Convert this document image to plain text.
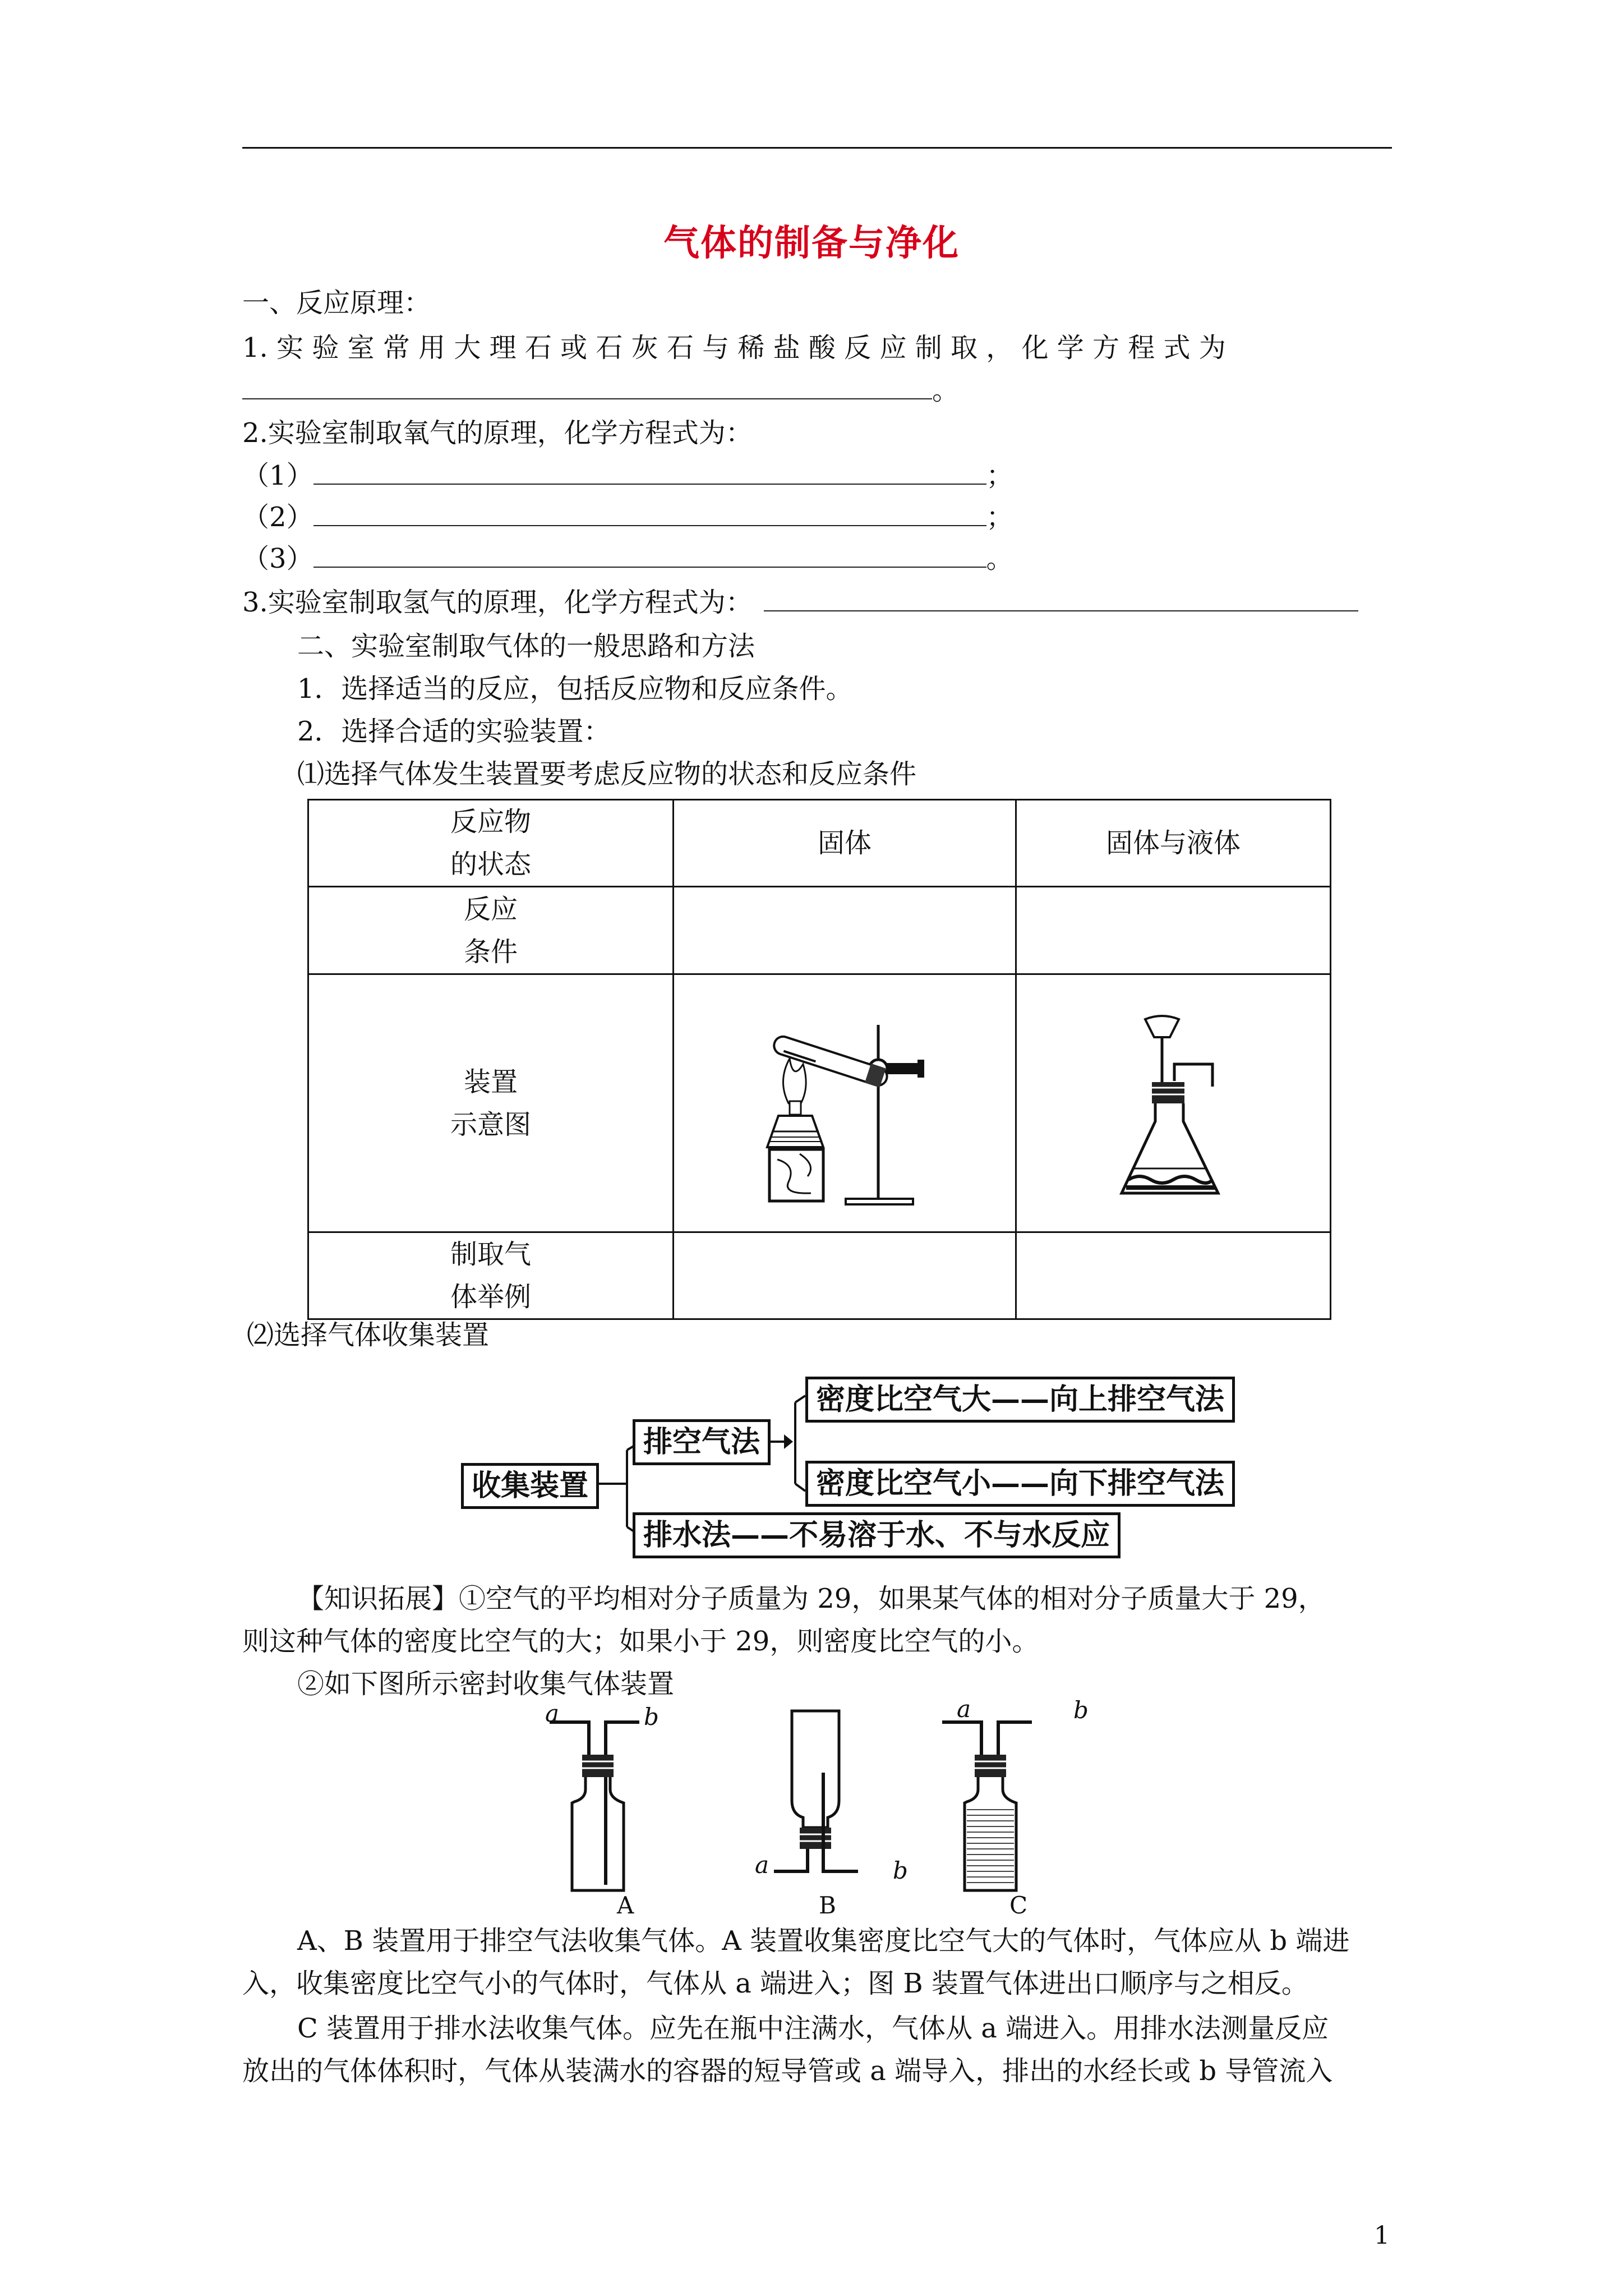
气体的制备与净化
一、反应原理：
1. 实 验 室 常 用 大 理 石 或 石 灰 石 与 稀 盐 酸 反 应 制 取 ， 化 学 方 程 式 为
。
2.实验室制取氧气的原理，化学方程式为：
（1）	；
（2）	；
（3）	。
3.实验室制取氢气的原理，化学方程式为：
二、实验室制取气体的一般思路和方法
1．选择适当的反应，包括反应物和反应条件。
2．选择合适的实验装置：
⑴选择气体发生装置要考虑反应物的状态和反应条件
反应物
的状态	固体	固体与液体

反应
条件		

装置
示意图

制取气
体举例		

⑵选择气体收集装置
收集装置
排空气法
密度比空气大——向上排空气法
密度比空气小——向下排空气法
排水法——不易溶于水、不与水反应
【知识拓展】①空气的平均相对分子质量为 29，如果某气体的相对分子质量大于 29，
则这种气体的密度比空气的大；如果小于 29，则密度比空气的小。
②如下图所示密封收集气体装置
a	b
A
a	b
B
a	b
C
A、B 装置用于排空气法收集气体。A 装置收集密度比空气大的气体时，气体应从 b 端进
入，收集密度比空气小的气体时，气体从 a 端进入；图 B 装置气体进出口顺序与之相反。
C 装置用于排水法收集气体。应先在瓶中注满水，气体从 a 端进入。用排水法测量反应
放出的气体体积时，气体从装满水的容器的短导管或 a 端导入，排出的水经长或 b 导管流入
1
